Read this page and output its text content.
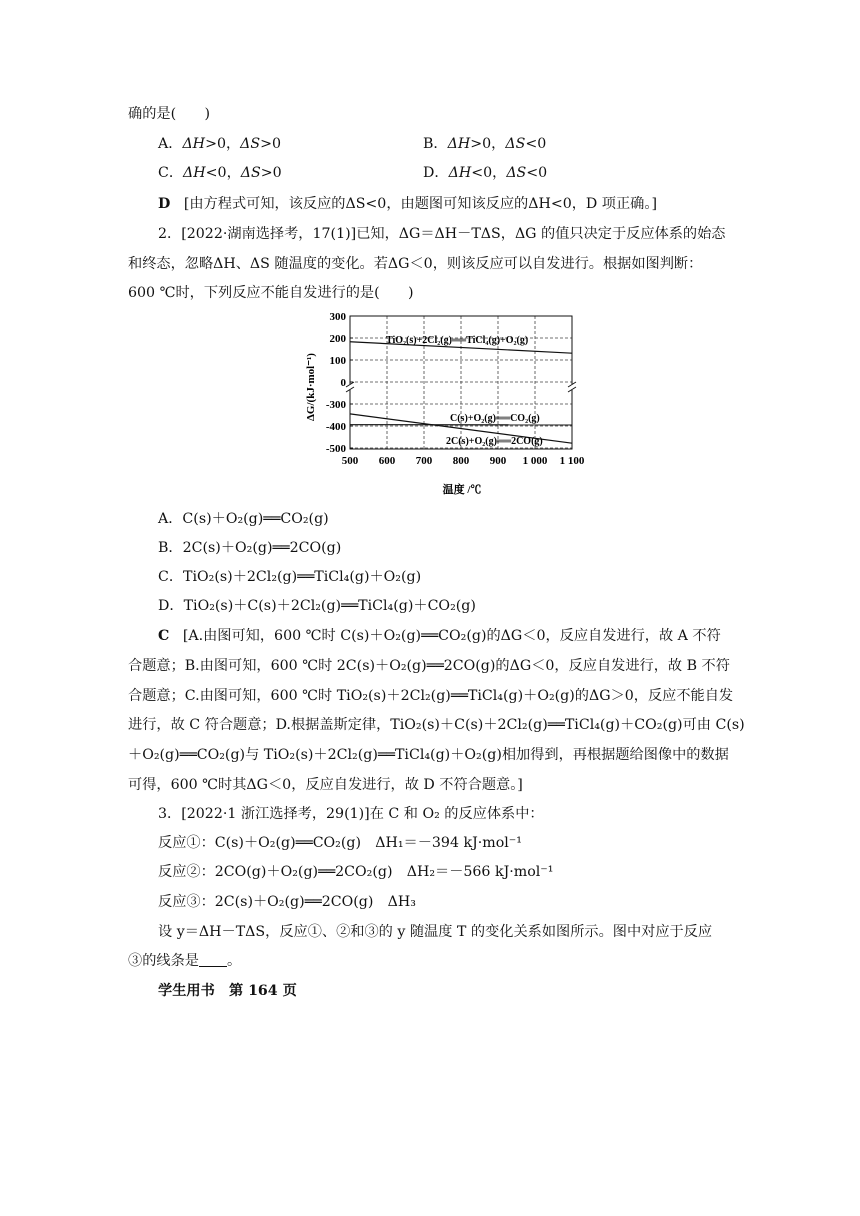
确的是(　　)
A．ΔH>0，ΔS>0	B．ΔH>0，ΔS<0
C．ΔH<0，ΔS>0	D．ΔH<0，ΔS<0
D [由方程式可知，该反应的ΔS<0，由题图可知该反应的ΔH<0，D 项正确。]
2．[2022·湖南选择考，17(1)]已知，ΔG＝ΔH－TΔS，ΔG 的值只决定于反应体系的始态
和终态，忽略ΔH、ΔS 随温度的变化。若ΔG＜0，则该反应可以自发进行。根据如图判断：
600 ℃时，下列反应不能自发进行的是(　　)
500 600 700 800 900 1 000 1 100
300
200
100
0
-300
-400
-500
ΔG/(kJ·mol⁻¹)
温度 /℃
TiO₂(s)+2Cl₂(g)══TiCl₄(g)+O₂(g)
C(s)+O₂(g)══CO₂(g)
2C(s)+O₂(g)══2CO(g)
A．C(s)＋O₂(g)══CO₂(g)
B．2C(s)＋O₂(g)══2CO(g)
C．TiO₂(s)＋2Cl₂(g)══TiCl₄(g)＋O₂(g)
D．TiO₂(s)＋C(s)＋2Cl₂(g)══TiCl₄(g)＋CO₂(g)
C [A.由图可知，600 ℃时 C(s)＋O₂(g)══CO₂(g)的ΔG＜0，反应自发进行，故 A 不符
合题意；B.由图可知，600 ℃时 2C(s)＋O₂(g)══2CO(g)的ΔG＜0，反应自发进行，故 B 不符
合题意；C.由图可知，600 ℃时 TiO₂(s)＋2Cl₂(g)══TiCl₄(g)＋O₂(g)的ΔG＞0，反应不能自发
进行，故 C 符合题意；D.根据盖斯定律，TiO₂(s)＋C(s)＋2Cl₂(g)══TiCl₄(g)＋CO₂(g)可由 C(s)
＋O₂(g)══CO₂(g)与 TiO₂(s)＋2Cl₂(g)══TiCl₄(g)＋O₂(g)相加得到，再根据题给图像中的数据
可得，600 ℃时其ΔG＜0，反应自发进行，故 D 不符合题意。]
3．[2022·1 浙江选择考，29(1)]在 C 和 O₂ 的反应体系中：
反应①：C(s)＋O₂(g)══CO₂(g)　ΔH₁＝－394 kJ·mol⁻¹
反应②：2CO(g)＋O₂(g)══2CO₂(g)　ΔH₂＝－566 kJ·mol⁻¹
反应③：2C(s)＋O₂(g)══2CO(g)　ΔH₃
设 y＝ΔH－TΔS，反应①、②和③的 y 随温度 T 的变化关系如图所示。图中对应于反应
③的线条是 。
学生用书　第 164 页
